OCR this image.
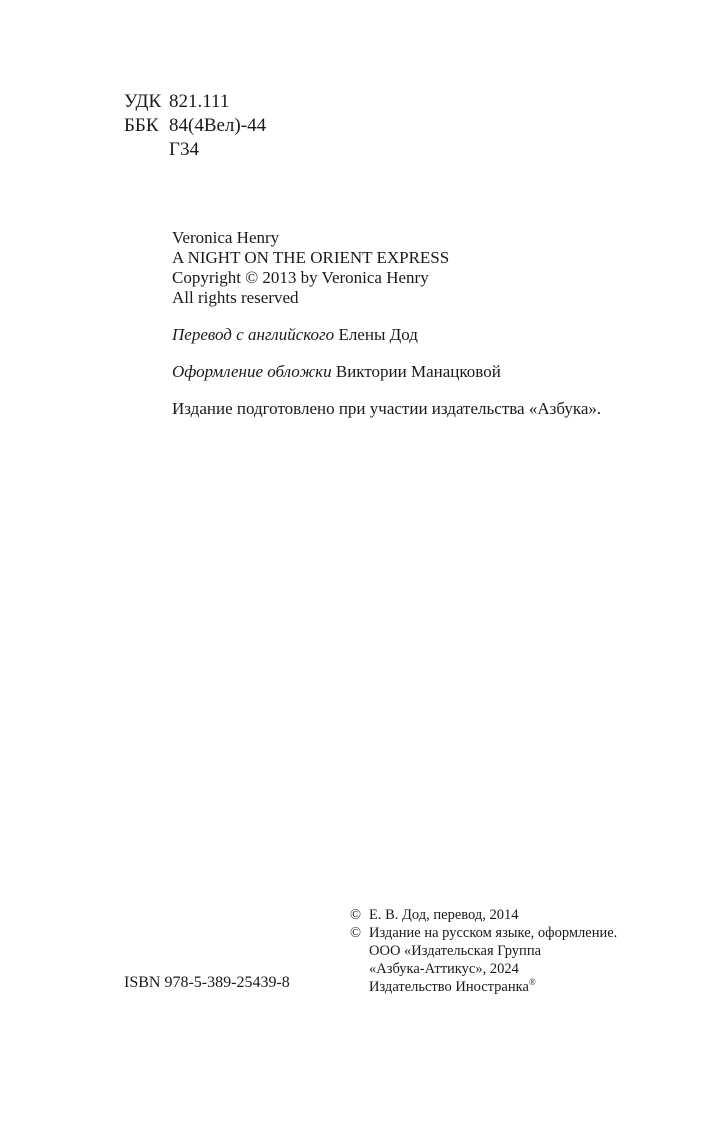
УДК 821.111
ББК 84(4Вел)-44
Г34
Veronica Henry
A NIGHT ON THE ORIENT EXPRESS
Copyright © 2013 by Veronica Henry
All rights reserved
Перевод с английского Елены Дод
Оформление обложки Виктории Манацковой
Издание подготовлено при участии издательства «Азбука».
ISBN 978-5-389-25439-8
© Е. В. Дод, перевод, 2014
© Издание на русском языке, оформление.
ООО «Издательская Группа
«Азбука-Аттикус», 2024
Издательство Иностранка®
